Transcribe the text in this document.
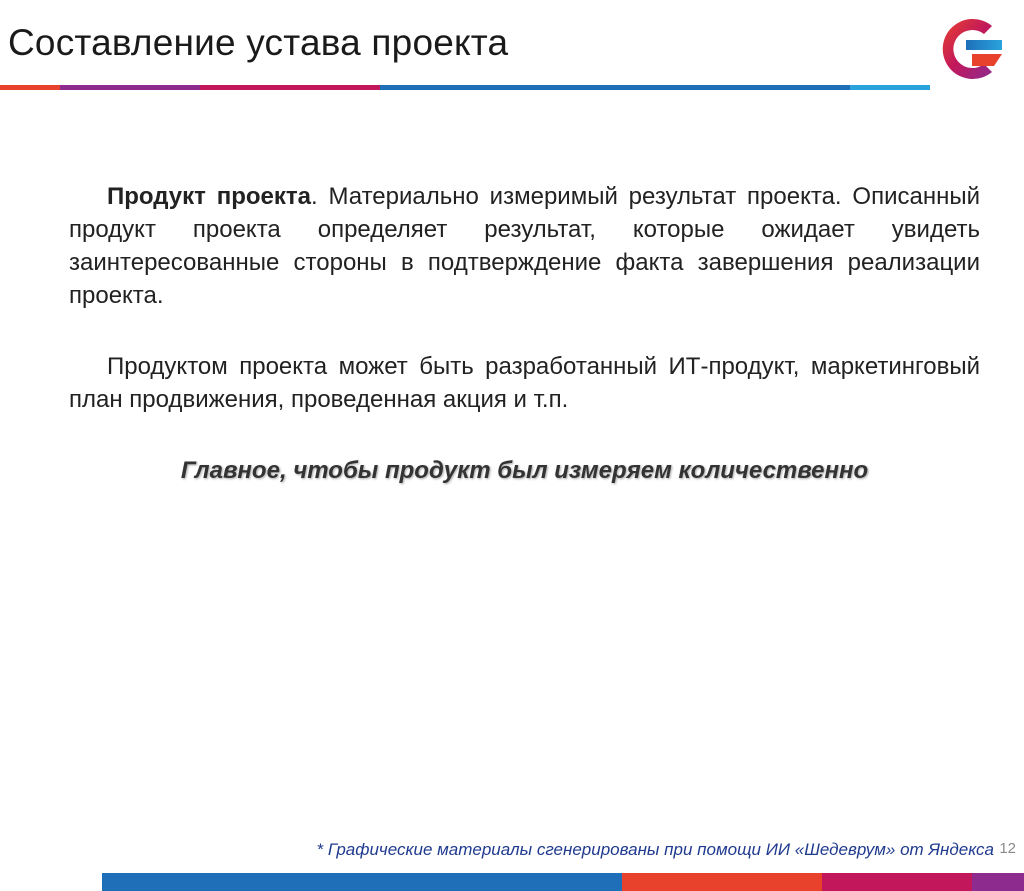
Составление устава проекта

Продукт проекта. Материально измеримый результат проекта. Описанный продукт проекта определяет результат, которые ожидает увидеть заинтересованные стороны в подтверждение факта завершения реализации проекта.

Продуктом проекта может быть разработанный ИТ-продукт, маркетинговый план продвижения, проведенная акция и т.п.

Главное, чтобы продукт был измеряем количественно
* Графические материалы сгенерированы при помощи ИИ «Шедеврум» от Яндекса 12
